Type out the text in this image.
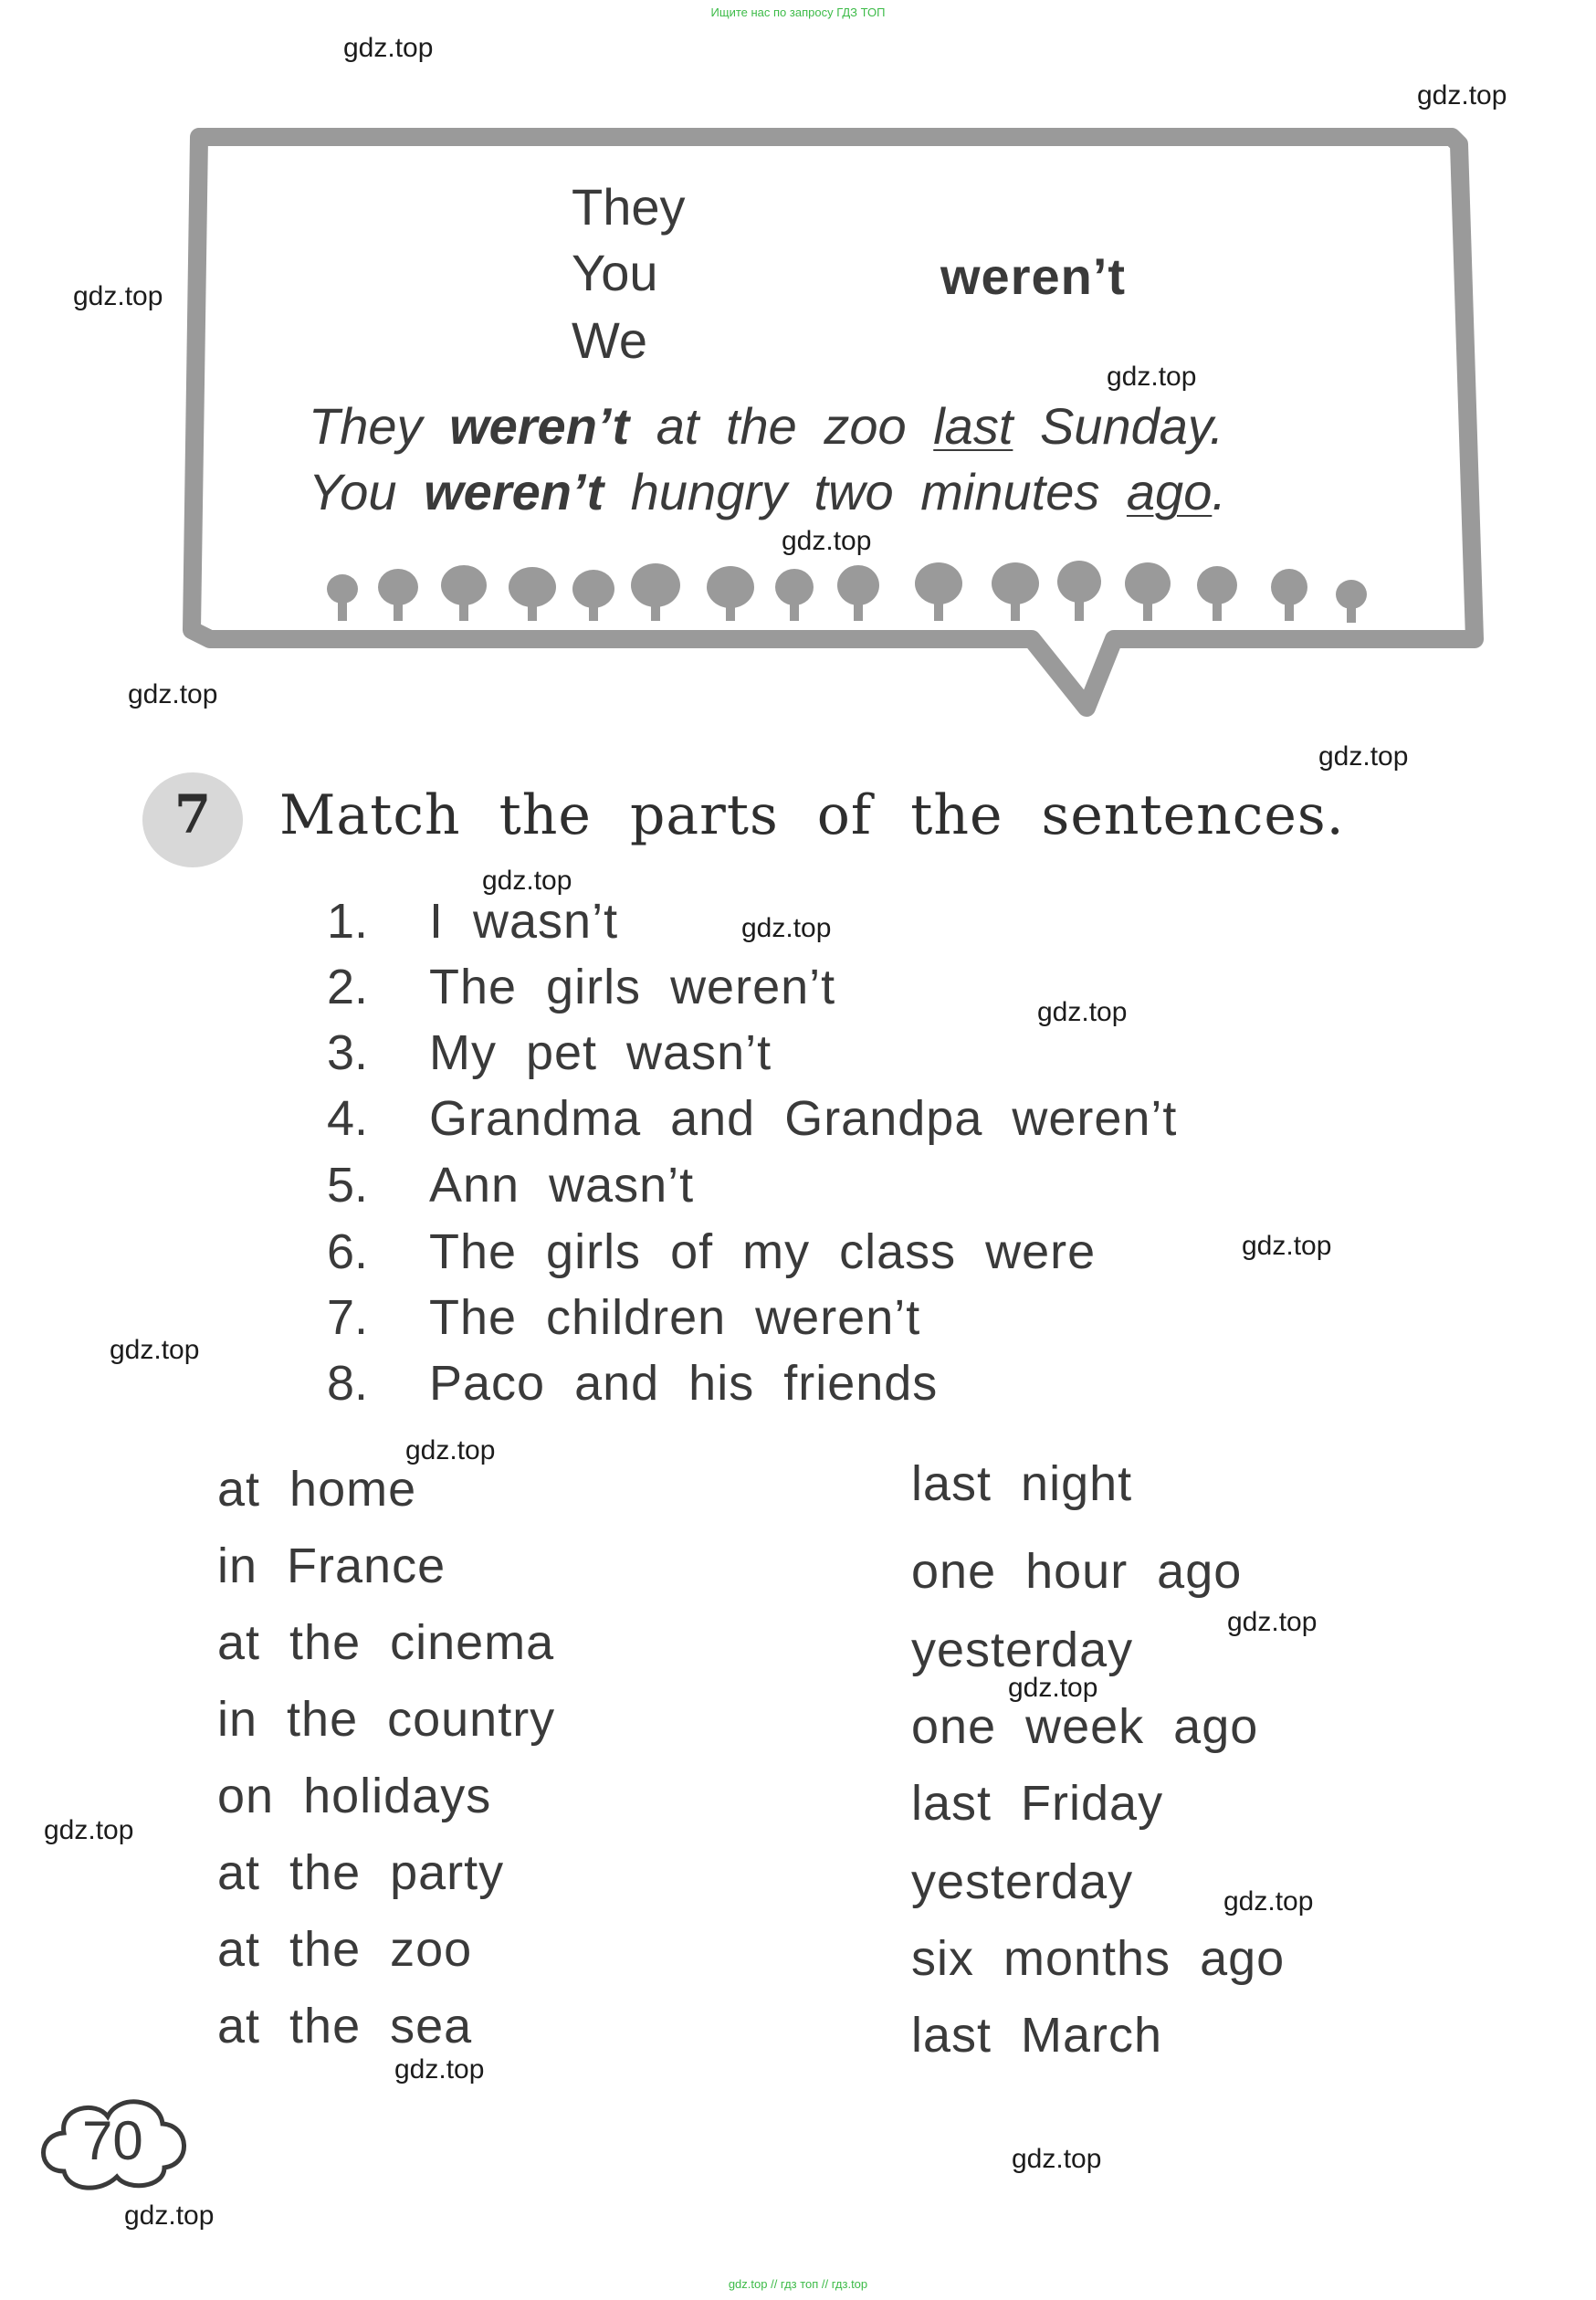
Ищите нас по запросу ГДЗ ТОП
gdz.top // гдз топ // гдз.top
They
You
We
weren’t
They weren’t at the zoo last Sunday.
You weren’t hungry two minutes ago.
7	Match the parts of the sentences.
1. I wasn’t
2. The girls weren’t
3. My pet wasn’t
4. Grandma and Grandpa weren’t
5. Ann wasn’t
6. The girls of my class were
7. The children weren’t
8. Paco and his friends
at home
in France
at the cinema
in the country
on holidays
at the party
at the zoo
at the sea
last night
one hour ago
yesterday
one week ago
last Friday
yesterday
six months ago
last March
70
gdz.top
gdz.top
gdz.top
gdz.top
gdz.top
gdz.top
gdz.top
gdz.top
gdz.top
gdz.top
gdz.top
gdz.top
gdz.top
gdz.top
gdz.top
gdz.top
gdz.top
gdz.top
gdz.top
gdz.top
